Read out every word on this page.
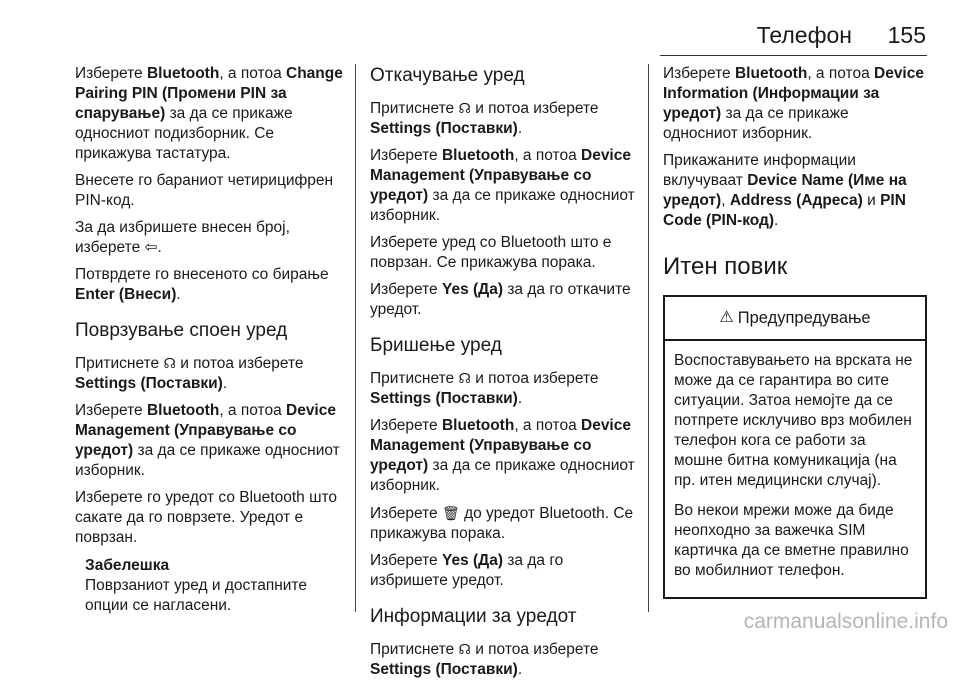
Телефон 155

Изберете Bluetooth, а потоа Change Pairing PIN (Промени PIN за спарување) за да се прикаже односниот подизборник. Се прикажува тастатура.

Внесете го бараниот четирицифрен PIN-код.

За да избришете внесен број, изберете ⇦.

Потврдете го внесеното со бирање Enter (Внеси).

Поврзување споен уред

Притиснете ☊ и потоа изберете Settings (Поставки).

Изберете Bluetooth, а потоа Device Management (Управување со уредот) за да се прикаже односниот изборник.

Изберете го уредот со Bluetooth што сакате да го поврзете. Уредот е поврзан.

Забелешка
Поврзаниот уред и достапните опции се нагласени.
Откачување уред

Притиснете ☊ и потоа изберете Settings (Поставки).

Изберете Bluetooth, а потоа Device Management (Управување со уредот) за да се прикаже односниот изборник.

Изберете уред со Bluetooth што е поврзан. Се прикажува порака.

Изберете Yes (Да) за да го откачите уредот.

Бришење уред

Притиснете ☊ и потоа изберете Settings (Поставки).

Изберете Bluetooth, а потоа Device Management (Управување со уредот) за да се прикаже односниот изборник.

Изберете 🗑 до уредот Bluetooth. Се прикажува порака.

Изберете Yes (Да) за да го избришете уредот.

Информации за уредот

Притиснете ☊ и потоа изберете Settings (Поставки).

Изберете Bluetooth, а потоа Device Information (Информации за уредот) за да се прикаже односниот изборник.

Прикажаните информации вклучуваат Device Name (Име на уредот), Address (Адреса) и PIN Code (PIN-код).

Итен повик
⚠ Предупредување

Воспоставувањето на врската не може да се гарантира во сите ситуации. Затоа немојте да се потпрете исклучиво врз мобилен телефон кога се работи за мошне битна комуникација (на пр. итен медицински случај).

Во некои мрежи може да биде неопходно за важечка SIM картичка да се вметне правилно во мобилниот телефон.

carmanualsonline.info
